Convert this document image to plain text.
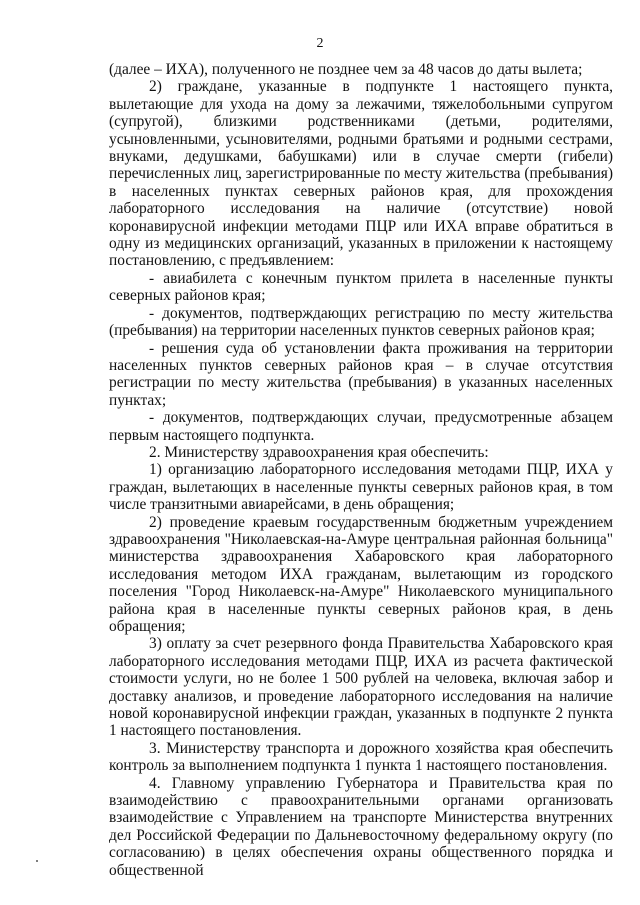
2

(далее – ИХА), полученного не позднее чем за 48 часов до даты вылета;

2) граждане, указанные в подпункте 1 настоящего пункта, вылетающие для ухода на дому за лежачими, тяжелобольными супругом (супругой), близкими родственниками (детьми, родителями, усыновленными, усыновителями, родными братьями и родными сестрами, внуками, дедушками, бабушками) или в случае смерти (гибели) перечисленных лиц, зарегистрированные по месту жительства (пребывания) в населенных пунктах северных районов края, для прохождения лабораторного исследования на наличие (отсутствие) новой коронавирусной инфекции методами ПЦР или ИХА вправе обратиться в одну из медицинских организаций, указанных в приложении к настоящему постановлению, с предъявлением:

- авиабилета с конечным пунктом прилета в населенные пункты северных районов края;

- документов, подтверждающих регистрацию по месту жительства (пребывания) на территории населенных пунктов северных районов края;

- решения суда об установлении факта проживания на территории населенных пунктов северных районов края – в случае отсутствия регистрации по месту жительства (пребывания) в указанных населенных пунктах;

- документов, подтверждающих случаи, предусмотренные абзацем первым настоящего подпункта.

2. Министерству здравоохранения края обеспечить:

1) организацию лабораторного исследования методами ПЦР, ИХА у граждан, вылетающих в населенные пункты северных районов края, в том числе транзитными авиарейсами, в день обращения;

2) проведение краевым государственным бюджетным учреждением здравоохранения "Николаевская-на-Амуре центральная районная больница" министерства здравоохранения Хабаровского края лабораторного исследования методом ИХА гражданам, вылетающим из городского поселения "Город Николаевск-на-Амуре" Николаевского муниципального района края в населенные пункты северных районов края, в день обращения;

3) оплату за счет резервного фонда Правительства Хабаровского края лабораторного исследования методами ПЦР, ИХА из расчета фактической стоимости услуги, но не более 1 500 рублей на человека, включая забор и доставку анализов, и проведение лабораторного исследования на наличие новой коронавирусной инфекции граждан, указанных в подпункте 2 пункта 1 настоящего постановления.

3. Министерству транспорта и дорожного хозяйства края обеспечить контроль за выполнением подпункта 1 пункта 1 настоящего постановления.

4. Главному управлению Губернатора и Правительства края по взаимодействию с правоохранительными органами организовать взаимодействие с Управлением на транспорте Министерства внутренних дел Российской Федерации по Дальневосточному федеральному округу (по согласованию) в целях обеспечения охраны общественного порядка и общественной
